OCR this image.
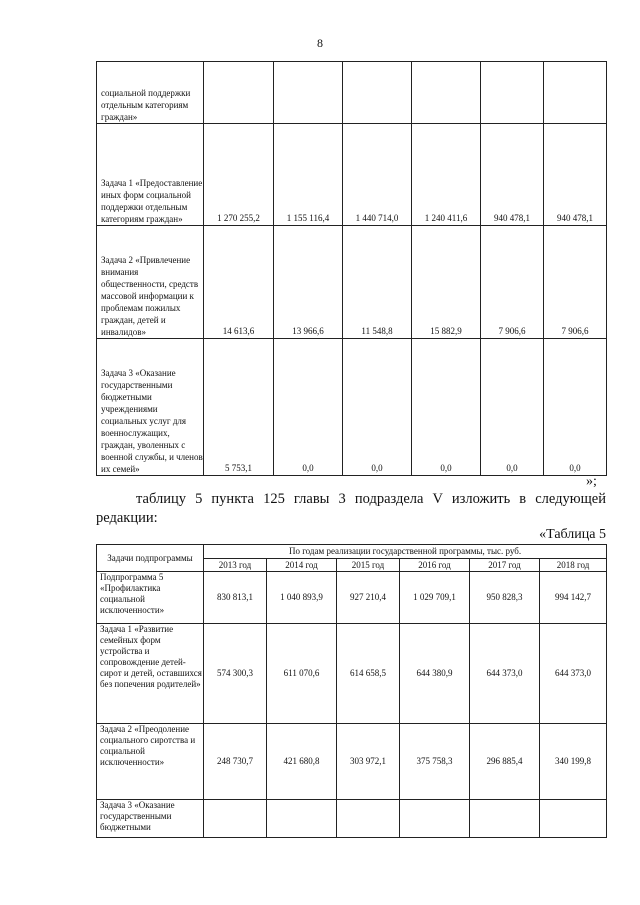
8
социальной поддержки отдельным категориям граждан»						
Задача 1 «Предоставление иных форм социальной поддержки отдельным категориям граждан»	1 270 255,2	1 155 116,4	1 440 714,0	1 240 411,6	940 478,1	940 478,1
Задача 2 «Привлечение внимания общественности, средств массовой информации к проблемам пожилых граждан, детей и инвалидов»	14 613,6	13 966,6	11 548,8	15 882,9	7 906,6	7 906,6
Задача 3 «Оказание государственными бюджетными учреждениями социальных услуг для военнослужащих, граждан, уволенных с военной службы, и членов их семей»	5 753,1	0,0	0,0	0,0	0,0	0,0
»;
таблицу 5 пункта 125 главы 3 подраздела V изложить в следующей
редакции:
«Таблица 5
Задачи подпрограммы	По годам реализации государственной программы, тыс. руб.					
	2013 год	2014 год	2015 год	2016 год	2017 год	2018 год
Подпрограмма 5 «Профилактика социальной исключенности»	830 813,1	1 040 893,9	927 210,4	1 029 709,1	950 828,3	994 142,7
Задача 1 «Развитие семейных форм устройства и сопровождение детей-сирот и детей, оставшихся без попечения родителей»	574 300,3	611 070,6	614 658,5	644 380,9	644 373,0	644 373,0
Задача 2 «Преодоление социального сиротства и социальной исключенности»	248 730,7	421 680,8	303 972,1	375 758,3	296 885,4	340 199,8
Задача 3 «Оказание государственными бюджетными						
